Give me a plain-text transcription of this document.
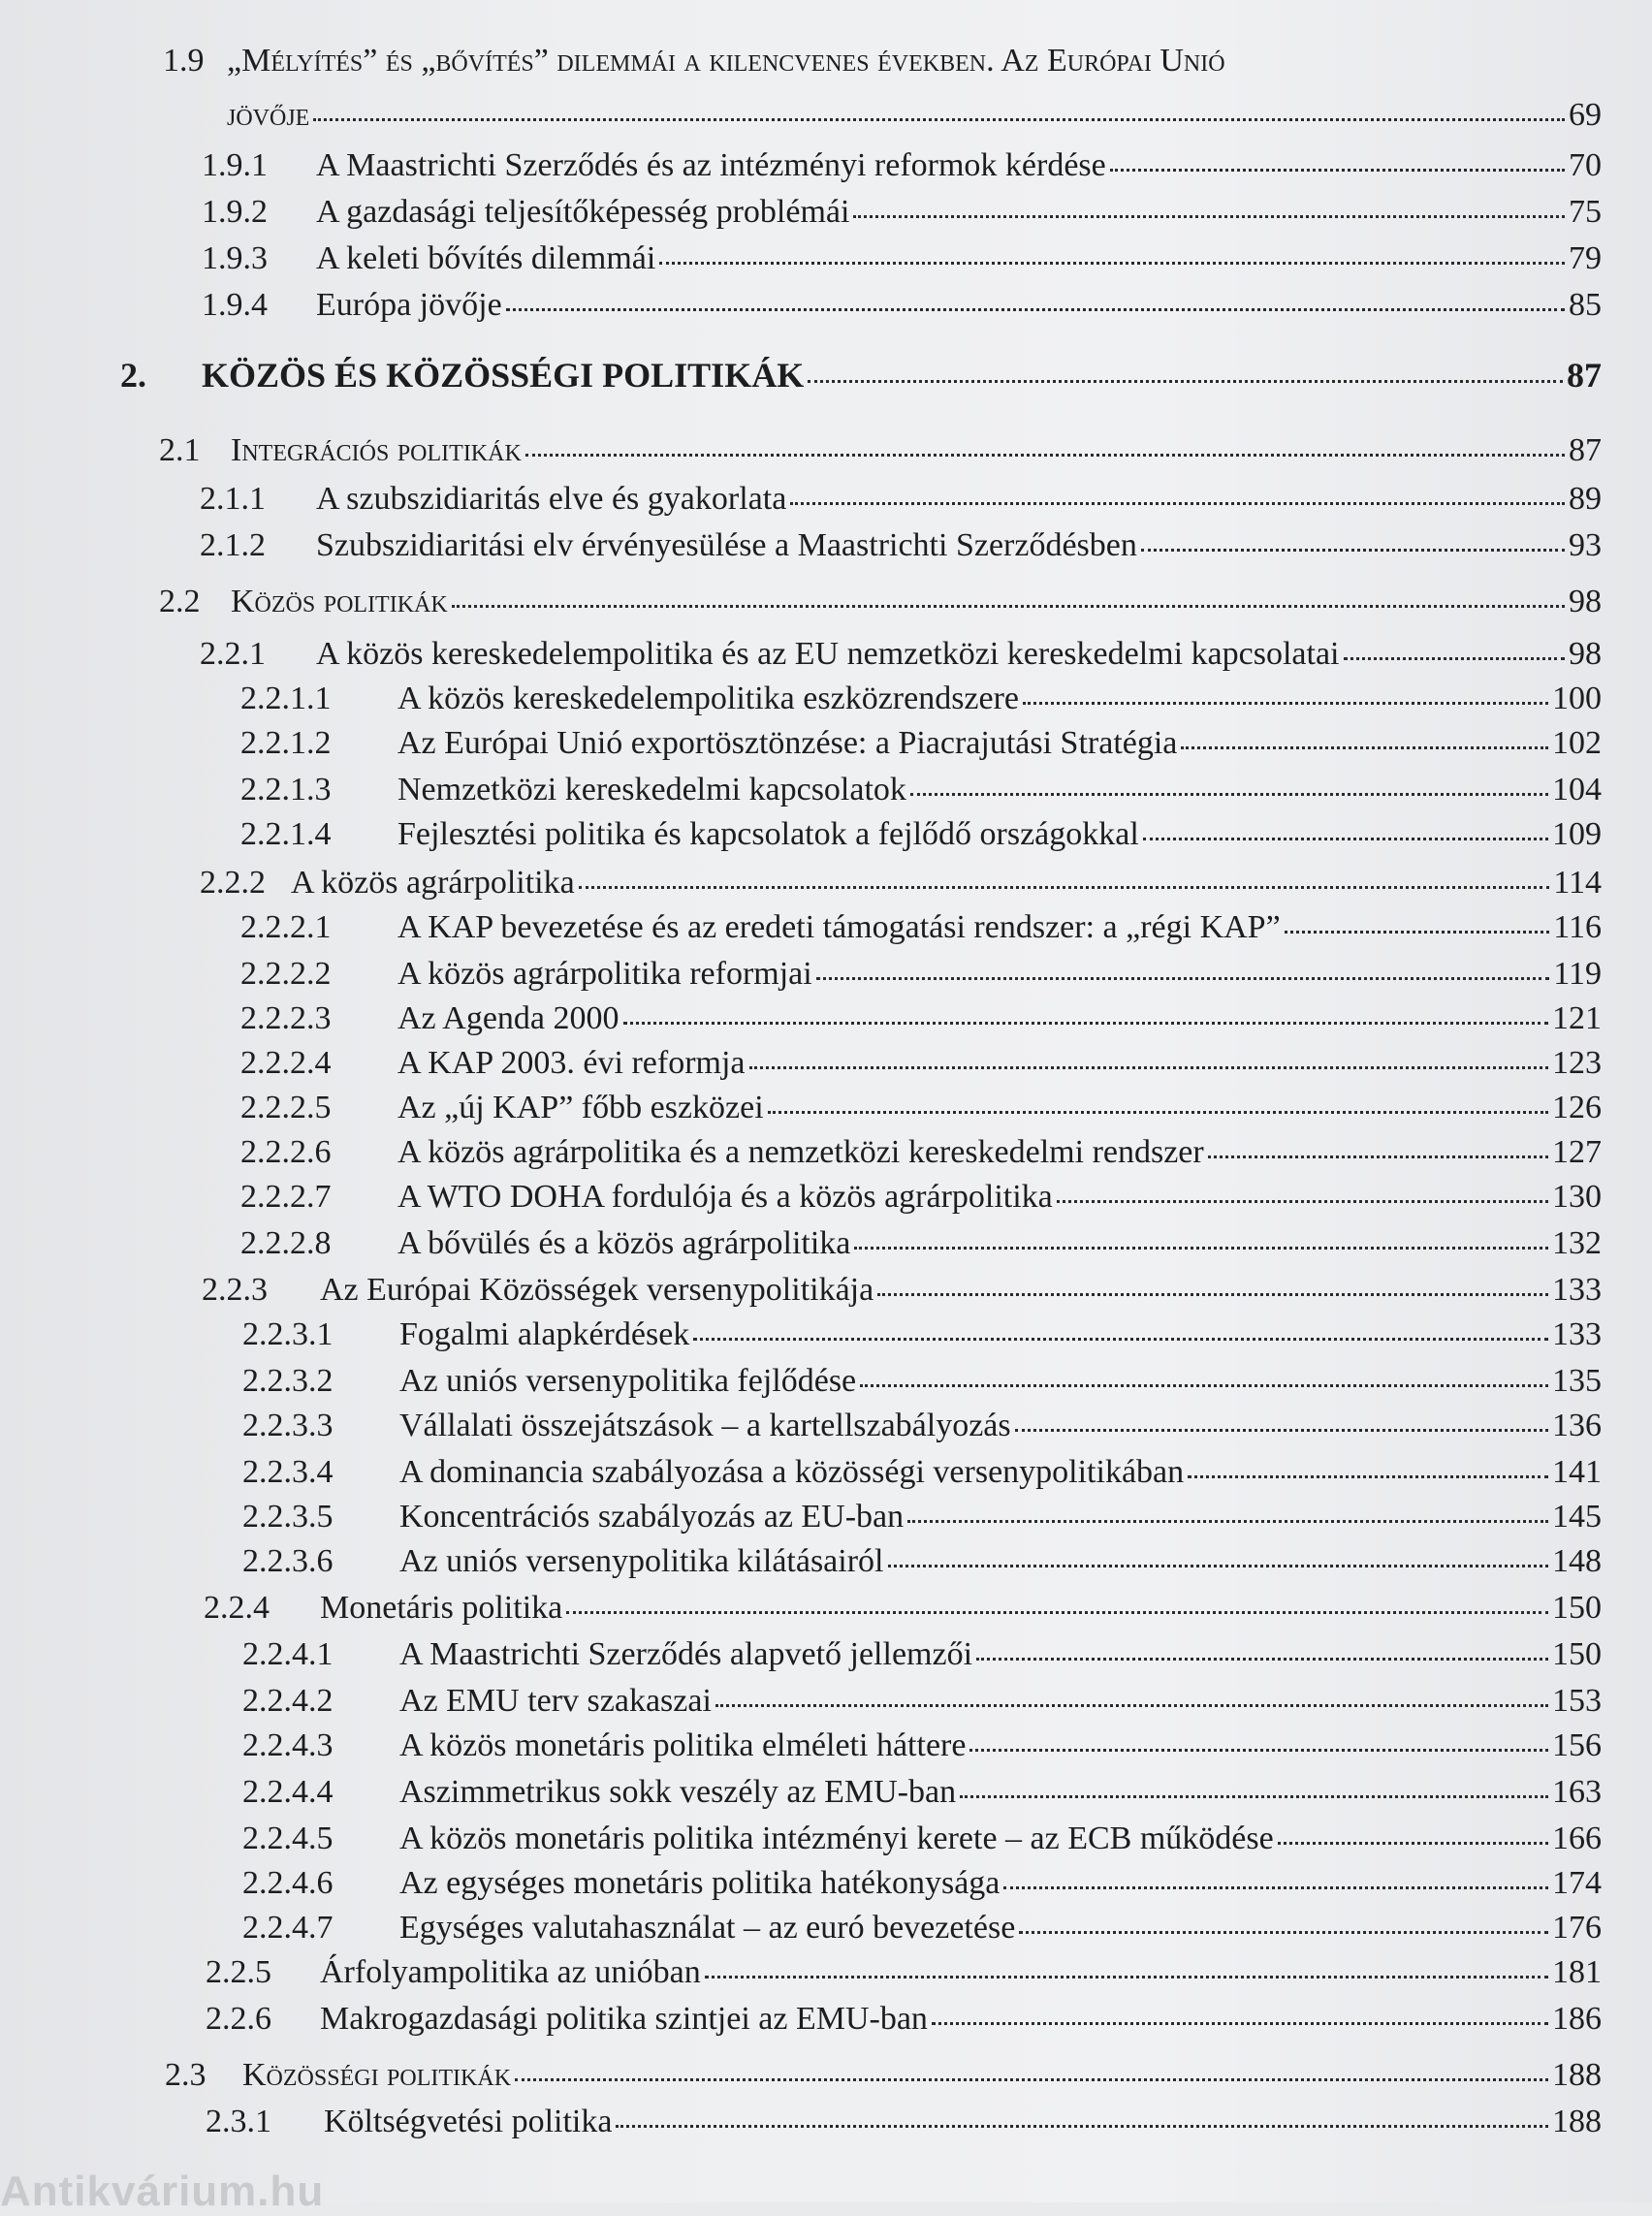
1.9 „Mélyítés” és „bővítés” dilemmái a kilencvenes években. Az Európai Unió
jövője	69
1.9.1	A Maastrichti Szerződés és az intézményi reformok kérdése	70
1.9.2	A gazdasági teljesítőképesség problémái	75
1.9.3	A keleti bővítés dilemmái	79
1.9.4	Európa jövője	85
2.	KÖZÖS ÉS KÖZÖSSÉGI POLITIKÁK	87
2.1 Integrációs politikák	87
2.1.1	A szubszidiaritás elve és gyakorlata	89
2.1.2	Szubszidiaritási elv érvényesülése a Maastrichti Szerződésben	93
2.2 Közös politikák	98
2.2.1	A közös kereskedelempolitika és az EU nemzetközi kereskedelmi kapcsolatai	98
2.2.1.1	A közös kereskedelempolitika eszközrendszere	100
2.2.1.2	Az Európai Unió exportösztönzése: a Piacrajutási Stratégia	102
2.2.1.3	Nemzetközi kereskedelmi kapcsolatok	104
2.2.1.4	Fejlesztési politika és kapcsolatok a fejlődő országokkal	109
2.2.2 A közös agrárpolitika	114
2.2.2.1	A KAP bevezetése és az eredeti támogatási rendszer: a „régi KAP”	116
2.2.2.2	A közös agrárpolitika reformjai	119
2.2.2.3	Az Agenda 2000	121
2.2.2.4	A KAP 2003. évi reformja	123
2.2.2.5	Az „új KAP” főbb eszközei	126
2.2.2.6	A közös agrárpolitika és a nemzetközi kereskedelmi rendszer	127
2.2.2.7	A WTO DOHA fordulója és a közös agrárpolitika	130
2.2.2.8	A bővülés és a közös agrárpolitika	132
2.2.3	Az Európai Közösségek versenypolitikája	133
2.2.3.1	Fogalmi alapkérdések	133
2.2.3.2	Az uniós versenypolitika fejlődése	135
2.2.3.3	Vállalati összejátszások – a kartellszabályozás	136
2.2.3.4	A dominancia szabályozása a közösségi versenypolitikában	141
2.2.3.5	Koncentrációs szabályozás az EU-ban	145
2.2.3.6	Az uniós versenypolitika kilátásairól	148
2.2.4	Monetáris politika	150
2.2.4.1	A Maastrichti Szerződés alapvető jellemzői	150
2.2.4.2	Az EMU terv szakaszai	153
2.2.4.3	A közös monetáris politika elméleti háttere	156
2.2.4.4	Aszimmetrikus sokk veszély az EMU-ban	163
2.2.4.5	A közös monetáris politika intézményi kerete – az ECB működése	166
2.2.4.6	Az egységes monetáris politika hatékonysága	174
2.2.4.7	Egységes valutahasználat – az euró bevezetése	176
2.2.5	Árfolyampolitika az unióban	181
2.2.6	Makrogazdasági politika szintjei az EMU-ban	186
2.3	Közösségi politikák	188
2.3.1	Költségvetési politika	188
Antikvárium.hu
